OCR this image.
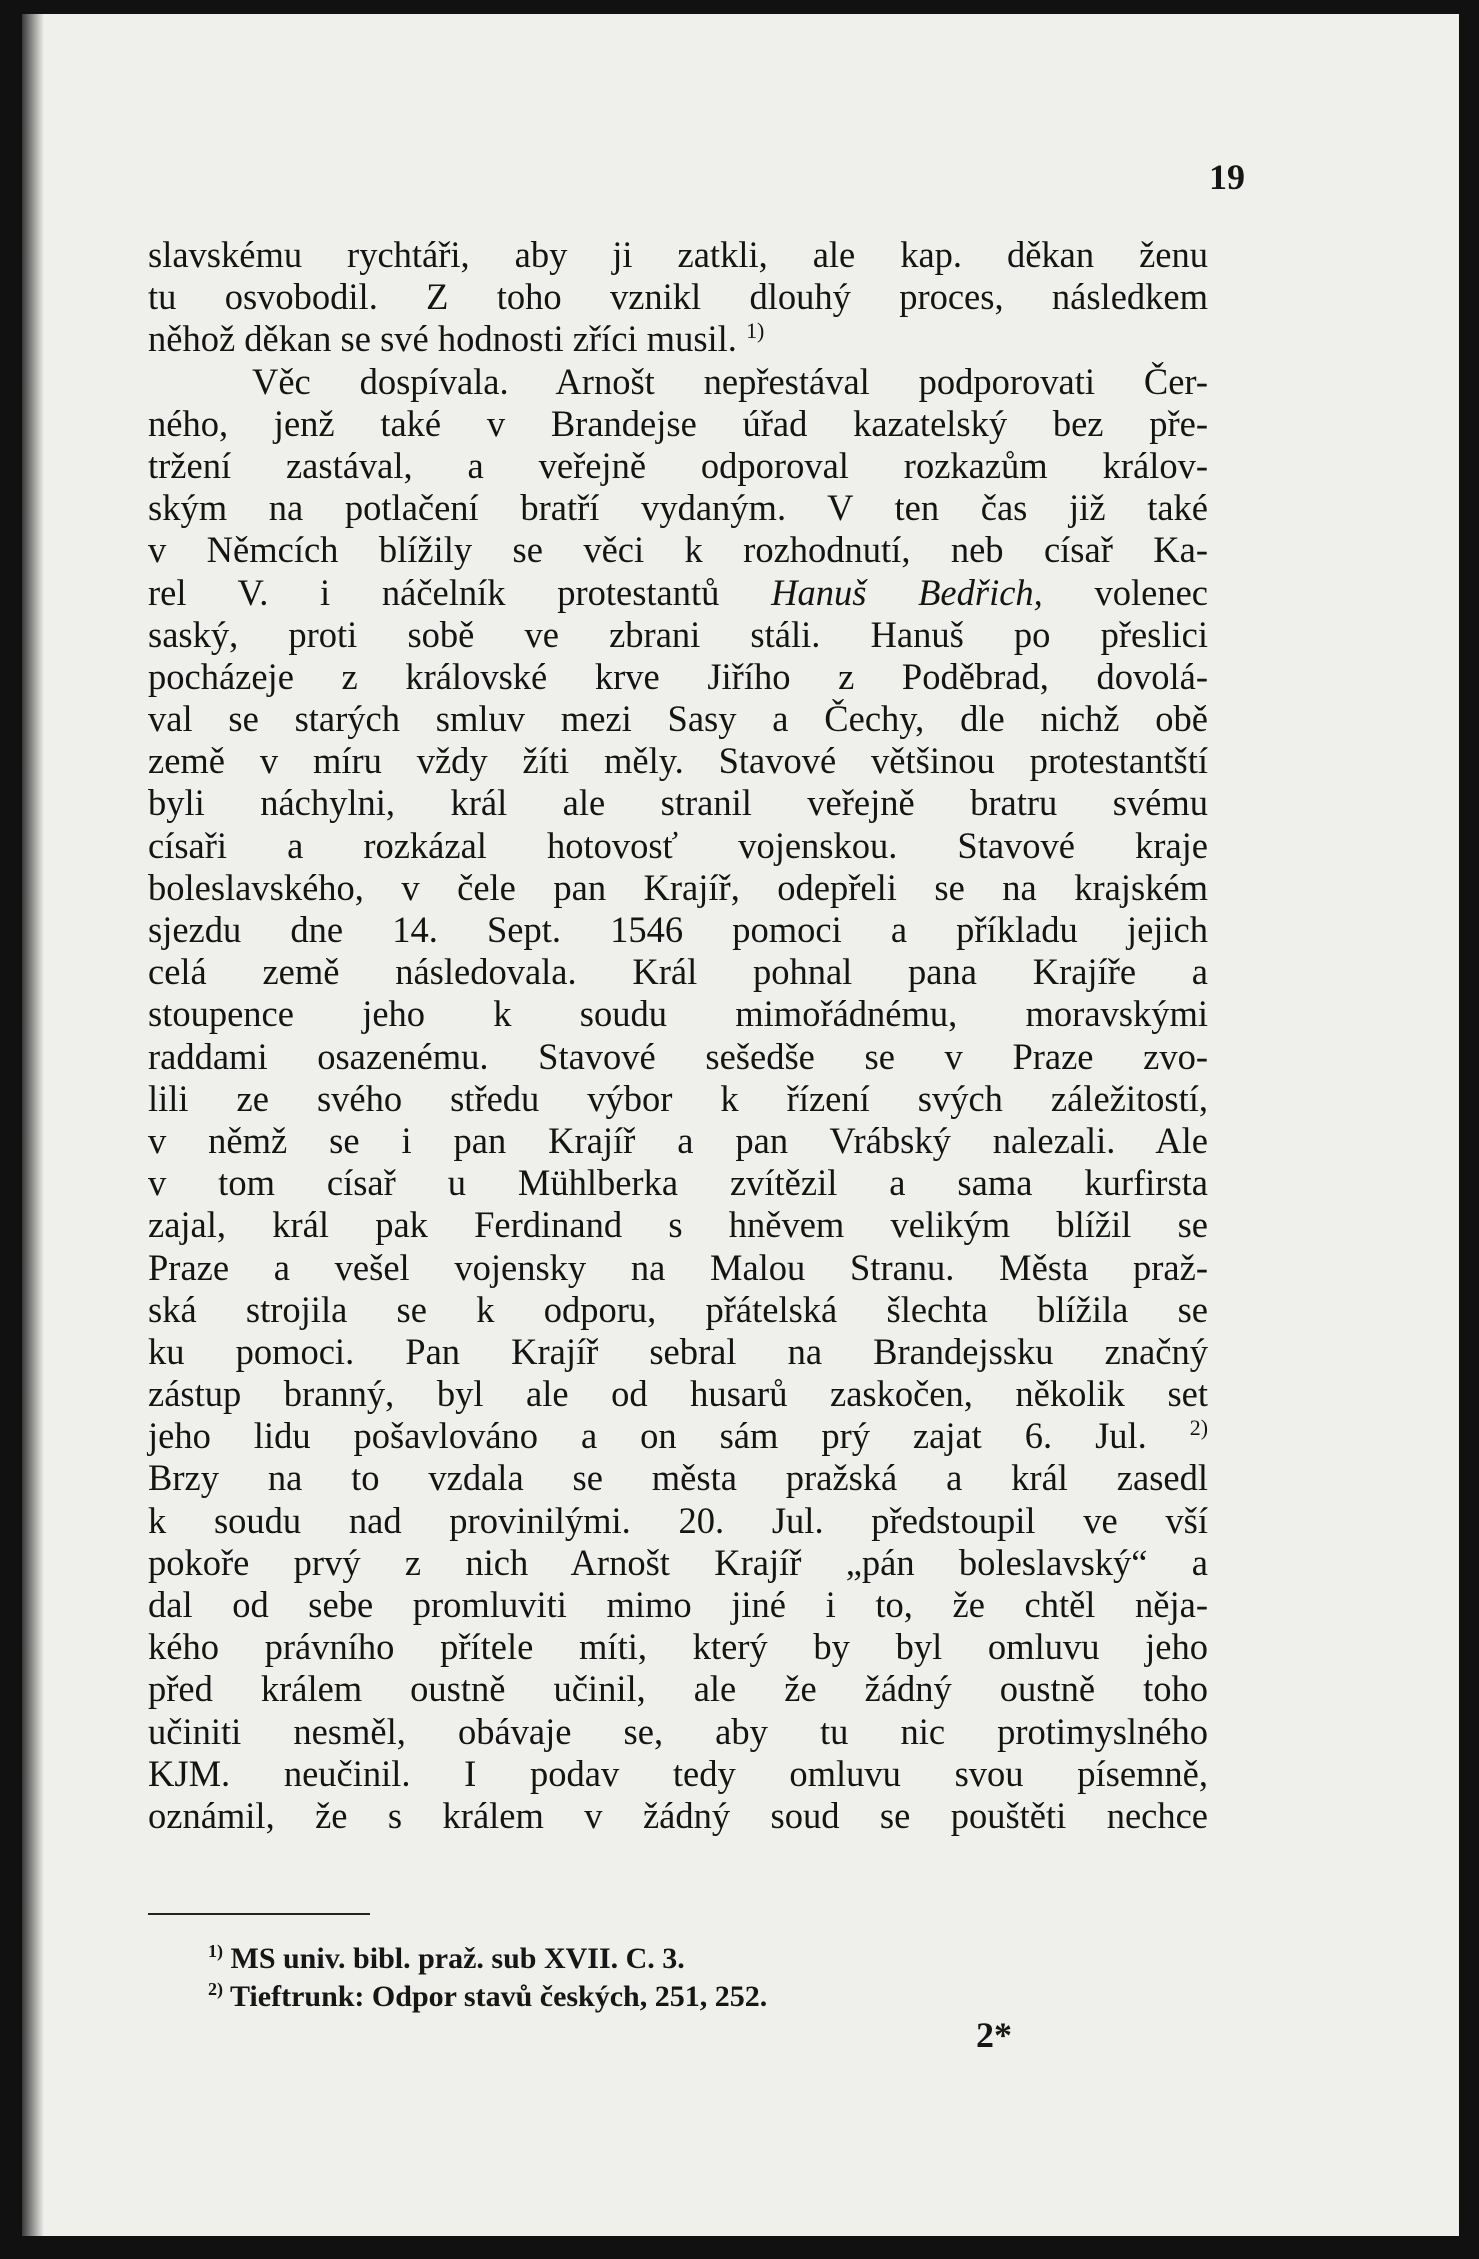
19
slavskému rychtáři, aby ji zatkli, ale kap. děkan ženu
tu osvobodil. Z toho vznikl dlouhý proces, následkem
něhož děkan se své hodnosti zříci musil. $^{1)}$
Věc dospívala. Arnošt nepřestával podporovati Čer-
ného, jenž také v Brandejse úřad kazatelský bez pře-
tržení zastával, a veřejně odporoval rozkazům králov-
ským na potlačení bratří vydaným. V ten čas již také
v Němcích blížily se věci k rozhodnutí, neb císař Ka-
rel V. i náčelník protestantů Hanuš Bedřich, volenec
saský, proti sobě ve zbrani stáli. Hanuš po přeslici
pocházeje z královské krve Jiřího z Poděbrad, dovolá-
val se starých smluv mezi Sasy a Čechy, dle nichž obě
země v míru vždy žíti měly. Stavové většinou protestantští
byli náchylni, král ale stranil veřejně bratru svému
císaři a rozkázal hotovosť vojenskou. Stavové kraje
boleslavského, v čele pan Krajíř, odepřeli se na krajském
sjezdu dne 14. Sept. 1546 pomoci a příkladu jejich
celá země následovala. Král pohnal pana Krajíře a
stoupence jeho k soudu mimořádnému, moravskými
raddami osazenému. Stavové sešedše se v Praze zvo-
lili ze svého středu výbor k řízení svých záležitostí,
v němž se i pan Krajíř a pan Vrábský nalezali. Ale
v tom císař u Mühlberka zvítězil a sama kurfirsta
zajal, král pak Ferdinand s hněvem velikým blížil se
Praze a vešel vojensky na Malou Stranu. Města praž-
ská strojila se k odporu, přátelská šlechta blížila se
ku pomoci. Pan Krajíř sebral na Brandejssku značný
zástup branný, byl ale od husarů zaskočen, několik set
jeho lidu pošavlováno a on sám prý zajat 6. Jul. $^{2)}$
Brzy na to vzdala se města pražská a král zasedl
k soudu nad provinilými. 20. Jul. předstoupil ve vší
pokoře prvý z nich Arnošt Krajíř „pán boleslavský“ a
dal od sebe promluviti mimo jiné i to, že chtěl něja-
kého právního přítele míti, který by byl omluvu jeho
před králem oustně učinil, ale že žádný oustně toho
učiniti nesměl, obávaje se, aby tu nic protimyslného
KJM. neučinil. I podav tedy omluvu svou písemně,
oznámil, že s králem v žádný soud se pouštěti nechce
$^{1)}$ MS univ. bibl. praž. sub XVII. C. 3.
$^{2)}$ Tieftrunk: Odpor stavů českých, 251, 252.
2*
